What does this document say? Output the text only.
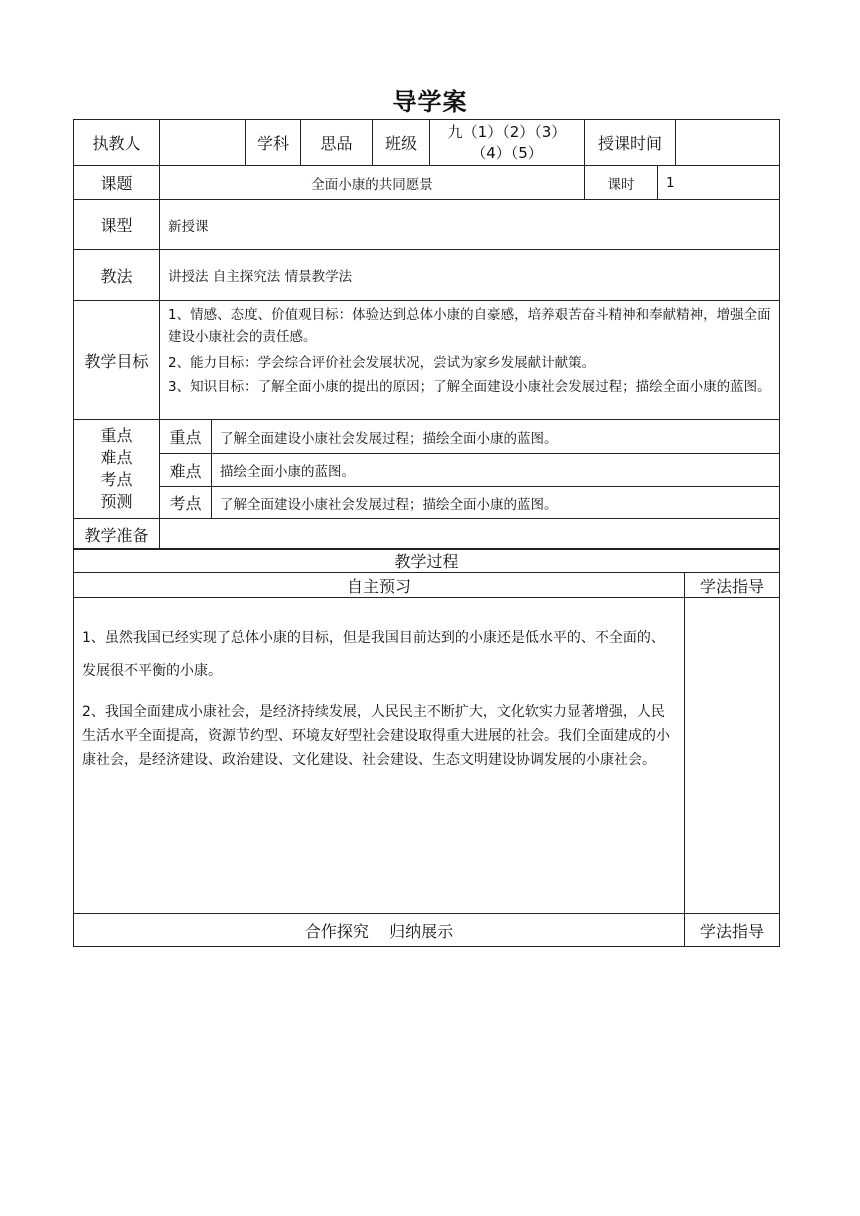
导学案
执教人			学科	思品	班级	九（1）（2）（3）
（4）（5）	授课时间		
课题	全面小康的共同愿景						课时	1	
课型	新授课								
教法	讲授法 自主探究法 情景教学法								
教学目标	1、情感、态度、价值观目标：体验达到总体小康的自豪感，培养艰苦奋斗精神和奉献精神，增强全面建设小康社会的责任感。

2、能力目标：学会综合评价社会发展状况，尝试为家乡发展献计献策。

3、知识目标：了解全面小康的提出的原因；了解全面建设小康社会发展过程；描绘全面小康的蓝图。								

重点
难点
考点
预测	重点	了解全面建设小康社会发展过程；描绘全面小康的蓝图。							
	难点	描绘全面小康的蓝图。							
	考点	了解全面建设小康社会发展过程；描绘全面小康的蓝图。							
教学准备									
教学过程	
自主预习	学法指导

1、虽然我国已经实现了总体小康的目标，但是我国目前达到的小康还是低水平的、不全面的、发展很不平衡的小康。

2、我国全面建成小康社会，是经济持续发展，人民民主不断扩大，文化软实力显著增强，人民生活水平全面提高，资源节约型、环境友好型社会建设取得重大进展的社会。我们全面建成的小康社会，是经济建设、政治建设、文化建设、社会建设、生态文明建设协调发展的小康社会。	

合作探究    归纳展示	学法指导
